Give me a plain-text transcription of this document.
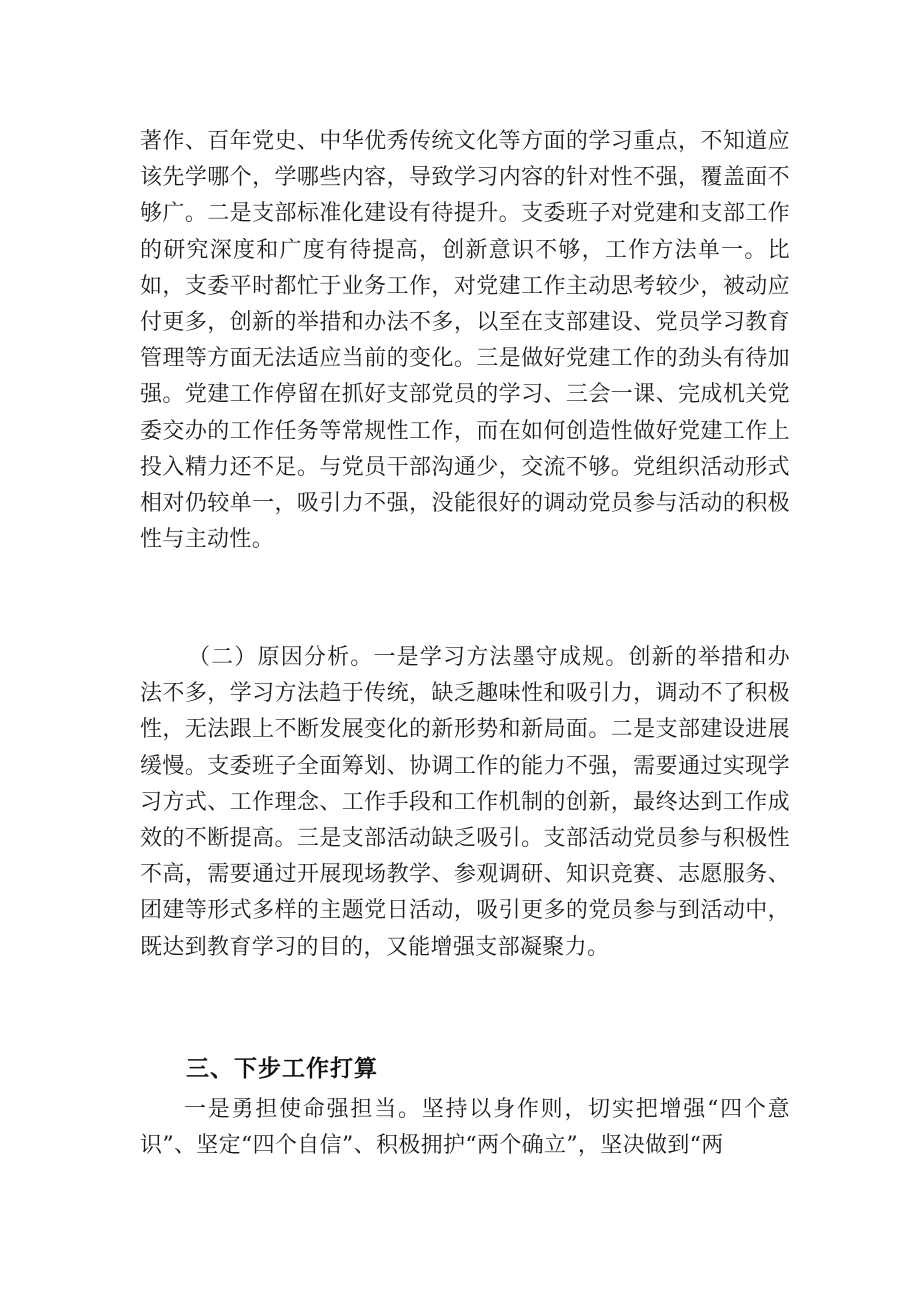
著作、百年党史、中华优秀传统文化等方面的学习重点，不知道应该先学哪个，学哪些内容，导致学习内容的针对性不强，覆盖面不够广。二是支部标准化建设有待提升。支委班子对党建和支部工作的研究深度和广度有待提高，创新意识不够，工作方法单一。比如，支委平时都忙于业务工作，对党建工作主动思考较少，被动应付更多，创新的举措和办法不多，以至在支部建设、党员学习教育管理等方面无法适应当前的变化。三是做好党建工作的劲头有待加强。党建工作停留在抓好支部党员的学习、三会一课、完成机关党委交办的工作任务等常规性工作，而在如何创造性做好党建工作上投入精力还不足。与党员干部沟通少，交流不够。党组织活动形式相对仍较单一，吸引力不强，没能很好的调动党员参与活动的积极性与主动性。

（二）原因分析。一是学习方法墨守成规。创新的举措和办法不多，学习方法趋于传统，缺乏趣味性和吸引力，调动不了积极性，无法跟上不断发展变化的新形势和新局面。二是支部建设进展缓慢。支委班子全面筹划、协调工作的能力不强，需要通过实现学习方式、工作理念、工作手段和工作机制的创新，最终达到工作成效的不断提高。三是支部活动缺乏吸引。支部活动党员参与积极性不高，需要通过开展现场教学、参观调研、知识竞赛、志愿服务、团建等形式多样的主题党日活动，吸引更多的党员参与到活动中，既达到教育学习的目的，又能增强支部凝聚力。

三、下步工作打算

一是勇担使命强担当。坚持以身作则，切实把增强“四个意识”、坚定“四个自信”、积极拥护“两个确立”，坚决做到“两
